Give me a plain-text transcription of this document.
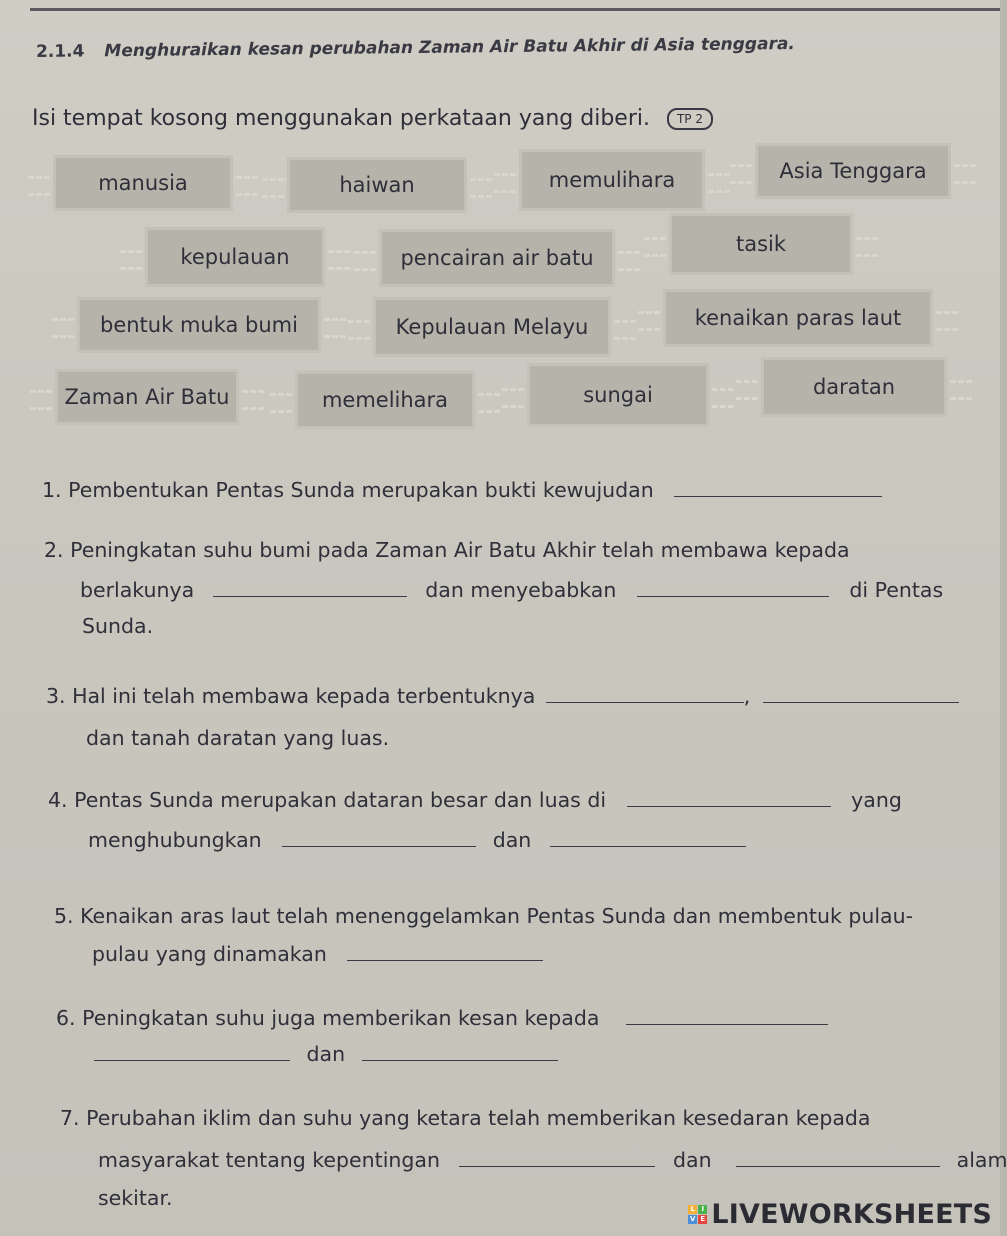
2.1.4 Menghuraikan kesan perubahan Zaman Air Batu Akhir di Asia tenggara.
Isi tempat kosong menggunakan perkataan yang diberi. TP 2
manusia	haiwan	memulihara	Asia Tenggara
kepulauan	pencairan air batu
tasik
bentuk muka bumi	Kepulauan Melayu	kenaikan paras laut
Zaman Air Batu	memelihara	sungai	daratan
1. Pembentukan Pentas Sunda merupakan bukti kewujudan
2. Peningkatan suhu bumi pada Zaman Air Batu Akhir telah membawa kepada
berlakunya	dan menyebabkan	di Pentas
Sunda.
3. Hal ini telah membawa kepada terbentuknya	,
dan tanah daratan yang luas.
4. Pentas Sunda merupakan dataran besar dan luas di	yang
menghubungkan	dan
5. Kenaikan aras laut telah menenggelamkan Pentas Sunda dan membentuk pulau-
pulau yang dinamakan
6. Peningkatan suhu juga memberikan kesan kepada
dan
7. Perubahan iklim dan suhu yang ketara telah memberikan kesedaran kepada
masyarakat tentang kepentingan	dan	alam
sekitar.	L I
V E LIVEWORKSHEETS
